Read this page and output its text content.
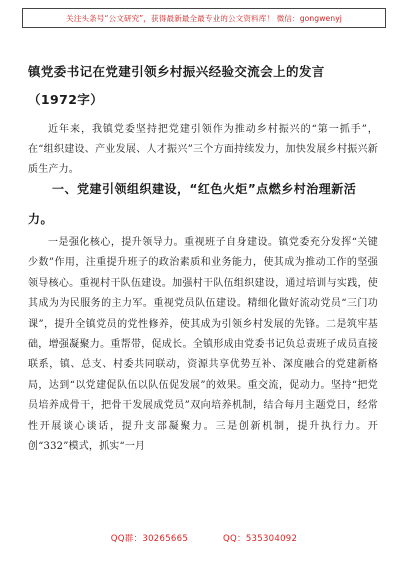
关注头条号“公文研究”，获得最新最全最专业的公文资料库！ 微信：gongwenyj
镇党委书记在党建引领乡村振兴经验交流会上的发言
（1972字）

近年来，我镇党委坚持把党建引领作为推动乡村振兴的“第一抓手”，在“组织建设、产业发展、人才振兴”三个方面持续发力，加快发展乡村振兴新质生产力。

一、党建引领组织建设，“红色火炬”点燃乡村治理新活力。

一是强化核心，提升领导力。重视班子自身建设。镇党委充分发挥“关键少数”作用，注重提升班子的政治素质和业务能力，使其成为推动工作的坚强领导核心。重视村干队伍建设。加强村干队伍组织建设，通过培训与实践，使其成为为民服务的主力军。重视党员队伍建设。精细化做好流动党员“三门功课”，提升全镇党员的党性修养，使其成为引领乡村发展的先锋。二是筑牢基础，增强凝聚力。重帮带，促成长。全镇形成由党委书记负总责班子成员直接联系，镇、总支、村委共同联动，资源共享优势互补、深度融合的党建新格局，达到“以党建促队伍以队伍促发展”的效果。重交流，促动力。坚持“把党员培养成骨干，把骨干发展成党员”双向培养机制，结合每月主题党日，经常性开展谈心谈话，提升支部凝聚力。三是创新机制，提升执行力。开创“332”模式，抓实“一月

QQ群：30265665	QQ：535304092
